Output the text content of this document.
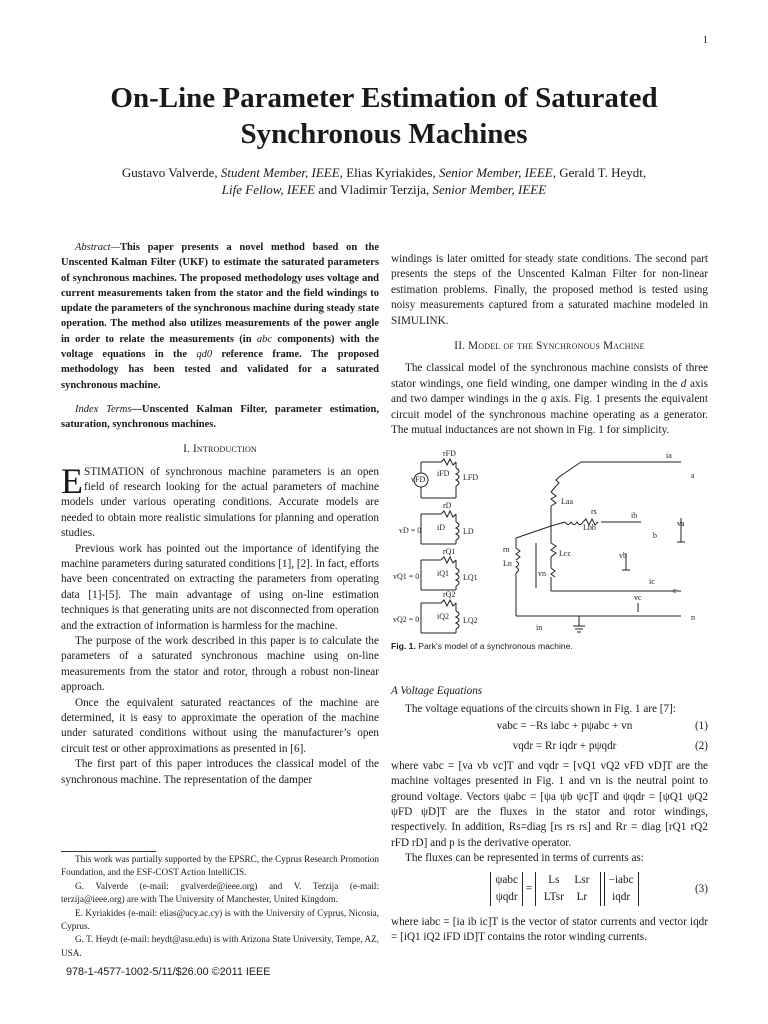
1
On-Line Parameter Estimation of Saturated
Synchronous Machines
Gustavo Valverde, Student Member, IEEE, Elias Kyriakides, Senior Member, IEEE, Gerald T. Heydt,
Life Fellow, IEEE and Vladimir Terzija, Senior Member, IEEE

Abstract—This paper presents a novel method based on the Unscented Kalman Filter (UKF) to estimate the saturated parameters of synchronous machines. The proposed methodology uses voltage and current measurements taken from the stator and the field windings to update the parameters of the synchronous machine during steady state operation. The method also utilizes measurements of the power angle in order to relate the measurements (in abc components) with the voltage equations in the qd0 reference frame. The proposed methodology has been tested and validated for a saturated synchronous machine.

Index Terms—Unscented Kalman Filter, parameter estimation, saturation, synchronous machines.

I. Introduction

ESTIMATION of synchronous machine parameters is an open field of research looking for the actual parameters of machine models under various operating conditions. Accurate models are needed to obtain more realistic simulations for planning and operation studies.

Previous work has pointed out the importance of identifying the machine parameters during saturated conditions [1], [2]. In fact, efforts have been concentrated on extracting the parameters from operating data [1]-[5]. The main advantage of using on-line estimation techniques is that generating units are not disconnected from operation and the extraction of information is harmless for the machine.

The purpose of the work described in this paper is to calculate the parameters of a saturated synchronous machine using on-line measurements from the stator and rotor, through a robust non-linear approach.

Once the equivalent saturated reactances of the machine are determined, it is easy to approximate the operation of the machine under saturated conditions without using the manufacturer’s open circuit test or other approximations as presented in [6].

The first part of this paper introduces the classical model of the synchronous machine. The representation of the damper

windings is later omitted for steady state conditions. The second part presents the steps of the Unscented Kalman Filter for non-linear estimation problems. Finally, the proposed method is tested using noisy measurements captured from a saturated machine modeled in SIMULINK.

II. Model of the Synchronous Machine

The classical model of the synchronous machine consists of three stator windings, one field winding, one damper winding in the d axis and two damper windings in the q axis. Fig. 1 presents the equivalent circuit model of the synchronous machine operating as a generator. The mutual inductances are not shown in Fig. 1 for simplicity.

vFD
rFD
LFD
iFD
vD = 0
rD
LD
iD
vQ1 = 0
rQ1
LQ1
iQ1
vQ2 = 0
rQ2
LQ2
iQ2
ia
ib
ic
in
a
b
c
n
va
vb
vc
vn
rs
Laa
Lbb
Lcc
rn
Ln
Fig. 1. Park’s model of a synchronous machine.

A Voltage Equations

The voltage equations of the circuits shown in Fig. 1 are [7]:

vabc = −Rs iabc + pψabc + vn	(1)
vqdr = Rr iqdr + pψqdr	(2)

where vabc = [va vb vc]T and vqdr = [vQ1 vQ2 vFD vD]T are the machine voltages presented in Fig. 1 and vn is the neutral point to ground voltage. Vectors ψabc = [ψa ψb ψc]T and ψqdr = [ψQ1 ψQ2 ψFD ψD]T are the fluxes in the stator and rotor windings, respectively. In addition, Rs=diag [rs rs rs] and Rr = diag [rQ1 rQ2 rFD rD] and p is the derivative operator.

The fluxes can be represented in terms of currents as:

ψabc
ψqdr
=
Ls Lsr
LTsr Lr

−iabc
iqdr
(3)

where iabc = [ia ib ic]T is the vector of stator currents and vector iqdr = [iQ1 iQ2 iFD iD]T contains the rotor winding currents.

This work was partially supported by the EPSRC, the Cyprus Research Promotion Foundation, and the ESF-COST Action IntelliCIS.

G. Valverde (e-mail: gvalverde@ieee.org) and V. Terzija (e-mail: terzija@ieee.org) are with The University of Manchester, United Kingdom.

E. Kyriakides (e-mail: elias@ucy.ac.cy) is with the University of Cyprus, Nicosia, Cyprus.

G. T. Heydt (e-mail: heydt@asu.edu) is with Arizona State University, Tempe, AZ, USA.

978-1-4577-1002-5/11/$26.00 ©2011 IEEE
